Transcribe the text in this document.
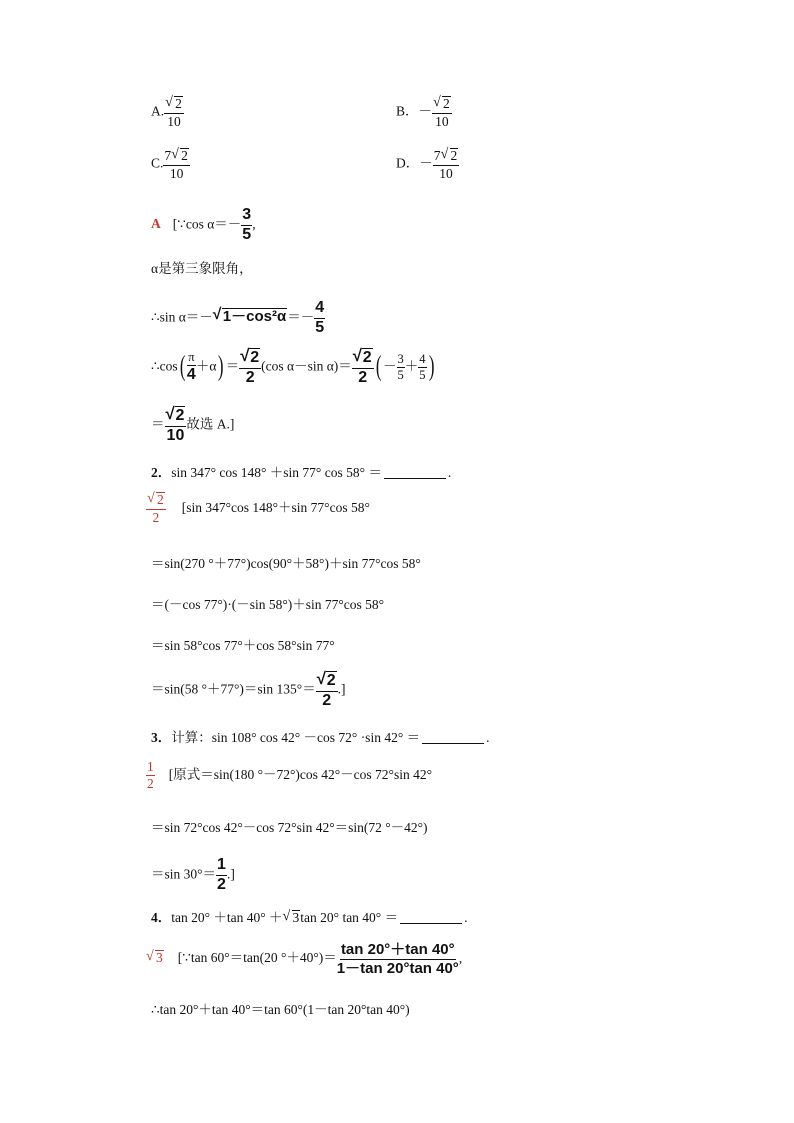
A. √ $\frac{2}{10}$	B．－ √ $\frac{2}{10}$
C. $\frac{7 √ 2}{10}$	D．－ $\frac{7 √ 2}{10}$
A [∵cos $\alpha=- \frac{3}{5}$ ,
α是第三象限角，
∴sin α＝－ √ $1-\cos^2\alpha=- \frac{4}{5}$
∴cos( $\frac{\pi}{4} +\alpha$) ＝ √ $\frac{2}{2} (\cos$ α－sin α)＝ √ $\frac{2}{2}$ ( － $\frac{3}{5} + \frac{4}{5}$ )
＝ √ $\frac{2}{10}$ 故选 A.]
2．sin 347° cos 148° ＋sin 77° cos 58° ＝	.
√ $\frac{2}{2} [\sin$ 347°cos 148°＋sin 77°cos 58°
＝sin(270 °＋77°)cos(90°＋58°)＋sin 77°cos 58°
＝(－cos 77°)·(－sin 58°)＋sin 77°cos 58°
＝sin 58°cos 77°＋cos 58°sin 77°
＝sin(58 °＋77°)＝sin 135°＝ √ $\frac{2}{2}$ .]
3．计算：sin 108° cos 42° －cos 72° ·sin 42° ＝	.
$\frac{1}{2}$ [原式＝sin(180 °－72°)cos 42°－cos 72°sin 42°
＝sin 72°cos 42°－cos 72°sin 42°＝sin(72 °－42°)
＝sin $30^\circ= \frac{1}{2}$ .]
4．tan 20° ＋tan 40° ＋ √ 3tan 20° tan 40° ＝	.
√ 3 [∵tan 60°＝tan(20 $^\circ+40^\circ)= \frac{\tan 20^\circ+\tan 40^\circ}{1-\tan 20^\circ\tan 40^\circ}$ ,
∴tan 20°＋tan 40°＝tan 60°(1－tan 20°tan 40°)
